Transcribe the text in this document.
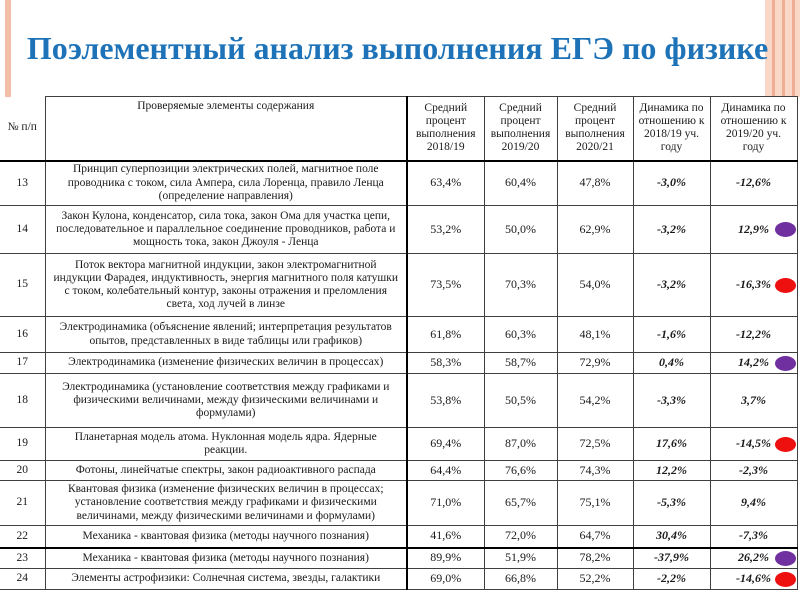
Поэлементный анализ выполнения ЕГЭ по физике
№ п/п	Проверяемые элементы содержания	Средний процент выполнения 2018/19	Средний процент выполнения 2019/20	Средний процент выполнения 2020/21	Динамика по отношению к 2018/19 уч. году	Динамика по отношению к 2019/20 уч. году
13	Принцип суперпозиции электрических полей, магнитное поле проводника с током, сила Ампера, сила Лоренца, правило Ленца (определение направления)	63,4%	60,4%	47,8%	-3,0%	-12,6%
14	Закон Кулона, конденсатор, сила тока, закон Ома для участка цепи, последовательное и параллельное соединение проводников, работа и мощность тока, закон Джоуля - Ленца	53,2%	50,0%	62,9%	-3,2%	12,9%

15	Поток вектора магнитной индукции, закон электромагнитной индукции Фарадея, индуктивность, энергия магнитного поля катушки с током, колебательный контур, законы отражения и преломления света, ход лучей в линзе	73,5%	70,3%	54,0%	-3,2%	-16,3%

16	Электродинамика (объяснение явлений; интерпретация результатов опытов, представленных в виде таблицы или графиков)	61,8%	60,3%	48,1%	-1,6%	-12,2%
17	Электродинамика (изменение физических величин в процессах)	58,3%	58,7%	72,9%	0,4%	14,2%

18	Электродинамика (установление соответствия между графиками и физическими величинами, между физическими величинами и формулами)	53,8%	50,5%	54,2%	-3,3%	3,7%
19	Планетарная модель атома. Нуклонная модель ядра. Ядерные реакции.	69,4%	87,0%	72,5%	17,6%	-14,5%

20	Фотоны, линейчатые спектры, закон радиоактивного распада	64,4%	76,6%	74,3%	12,2%	-2,3%
21	Квантовая физика (изменение физических величин в процессах; установление соответствия между графиками и физическими величинами, между физическими величинами и формулами)	71,0%	65,7%	75,1%	-5,3%	9,4%
22	Механика - квантовая физика (методы научного познания)	41,6%	72,0%	64,7%	30,4%	-7,3%
23	Механика - квантовая физика (методы научного познания)	89,9%	51,9%	78,2%	-37,9%	26,2%

24	Элементы астрофизики: Солнечная система, звезды, галактики	69,0%	66,8%	52,2%	-2,2%	-14,6%
